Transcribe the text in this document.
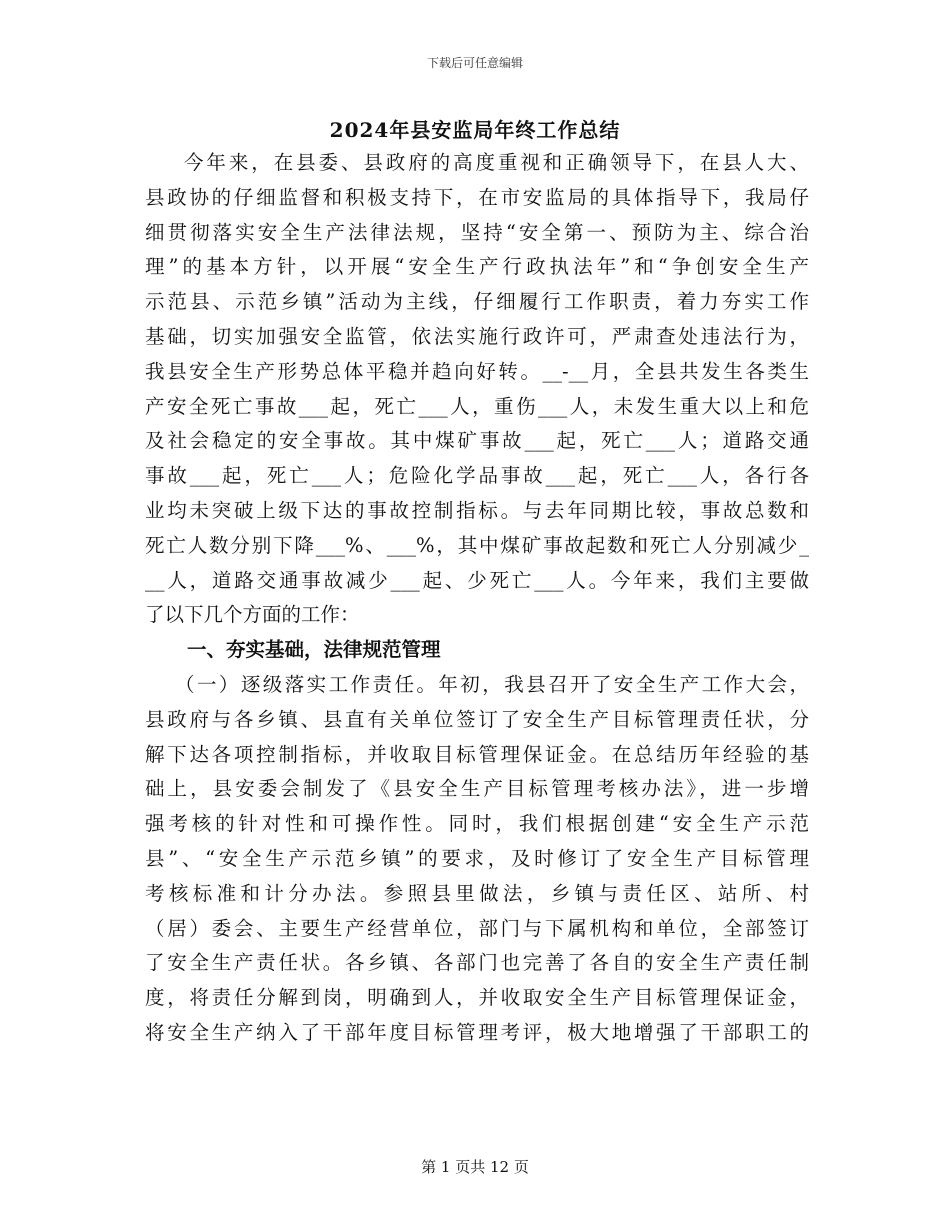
下载后可任意编辑
2024年县安监局年终工作总结
今年来，在县委、县政府的高度重视和正确领导下，在县人大、
县政协的仔细监督和积极支持下，在市安监局的具体指导下，我局仔
细贯彻落实安全生产法律法规，坚持“安全第一、预防为主、综合治
理”的基本方针，以开展“安全生产行政执法年”和“争创安全生产
示范县、示范乡镇”活动为主线，仔细履行工作职责，着力夯实工作
基础，切实加强安全监管，依法实施行政许可，严肃查处违法行为，
我县安全生产形势总体平稳并趋向好转。__-__月，全县共发生各类生
产安全死亡事故___起，死亡___人，重伤___人，未发生重大以上和危
及社会稳定的安全事故。其中煤矿事故___起，死亡___人；道路交通
事故___起，死亡___人；危险化学品事故___起，死亡___人，各行各
业均未突破上级下达的事故控制指标。与去年同期比较，事故总数和
死亡人数分别下降___%、___%，其中煤矿事故起数和死亡人分别减少_
__人，道路交通事故减少___起、少死亡___人。今年来，我们主要做
了以下几个方面的工作：
一、夯实基础，法律规范管理
（一）逐级落实工作责任。年初，我县召开了安全生产工作大会，
县政府与各乡镇、县直有关单位签订了安全生产目标管理责任状，分
解下达各项控制指标，并收取目标管理保证金。在总结历年经验的基
础上，县安委会制发了《县安全生产目标管理考核办法》，进一步增
强考核的针对性和可操作性。同时，我们根据创建“安全生产示范
县”、“安全生产示范乡镇”的要求，及时修订了安全生产目标管理
考核标准和计分办法。参照县里做法，乡镇与责任区、站所、村
（居）委会、主要生产经营单位，部门与下属机构和单位，全部签订
了安全生产责任状。各乡镇、各部门也完善了各自的安全生产责任制
度，将责任分解到岗，明确到人，并收取安全生产目标管理保证金，
将安全生产纳入了干部年度目标管理考评，极大地增强了干部职工的
第 1 页共 12 页
